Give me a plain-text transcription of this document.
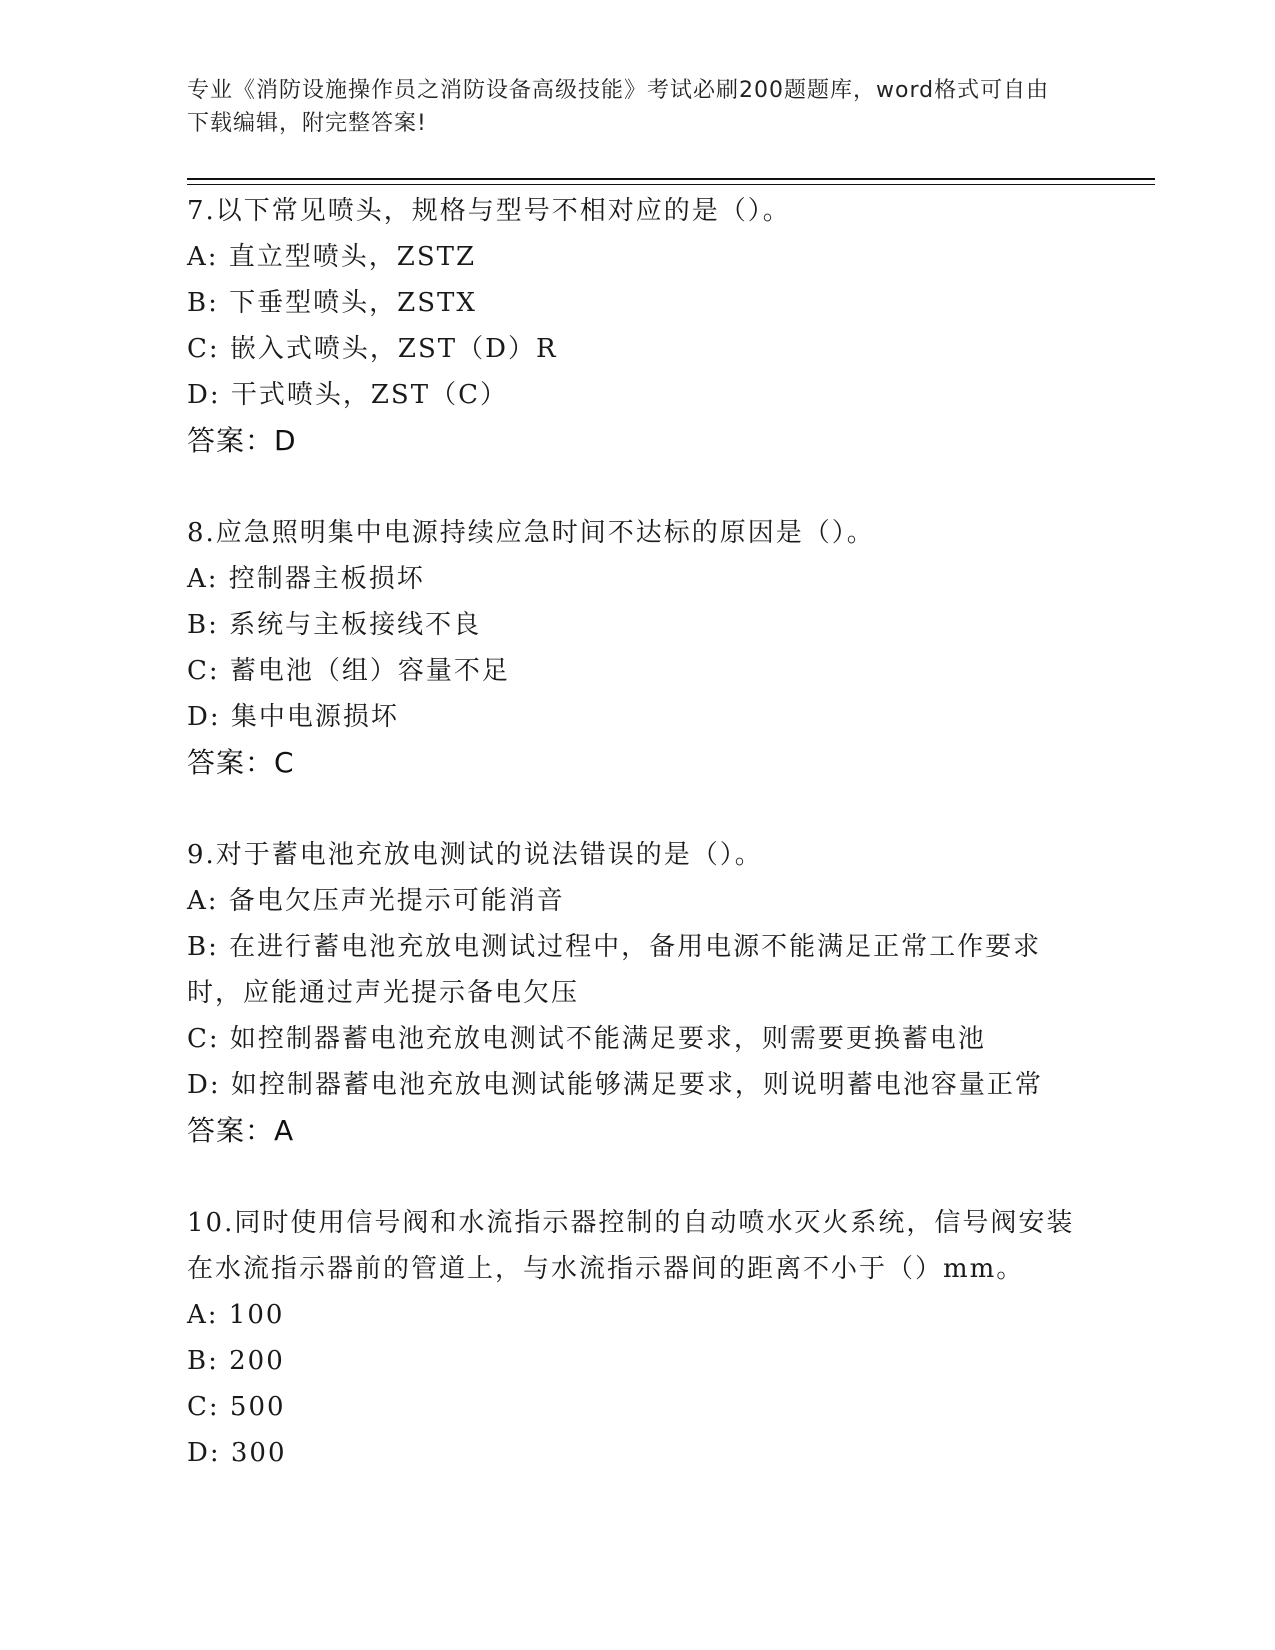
专业《消防设施操作员之消防设备高级技能》考试必刷200题题库，word格式可自由下载编辑，附完整答案!
7.以下常见喷头，规格与型号不相对应的是（）。
A: 直立型喷头，ZSTZ
B: 下垂型喷头，ZSTX
C: 嵌入式喷头，ZST（D）R
D: 干式喷头，ZST（C）
答案：D
8.应急照明集中电源持续应急时间不达标的原因是（）。
A: 控制器主板损坏
B: 系统与主板接线不良
C: 蓄电池（组）容量不足
D: 集中电源损坏
答案：C
9.对于蓄电池充放电测试的说法错误的是（）。
A: 备电欠压声光提示可能消音
B: 在进行蓄电池充放电测试过程中，备用电源不能满足正常工作要求时，应能通过声光提示备电欠压
C: 如控制器蓄电池充放电测试不能满足要求，则需要更换蓄电池
D: 如控制器蓄电池充放电测试能够满足要求，则说明蓄电池容量正常
答案：A
10.同时使用信号阀和水流指示器控制的自动喷水灭火系统，信号阀安装在水流指示器前的管道上，与水流指示器间的距离不小于（）mm。
A: 100
B: 200
C: 500
D: 300
